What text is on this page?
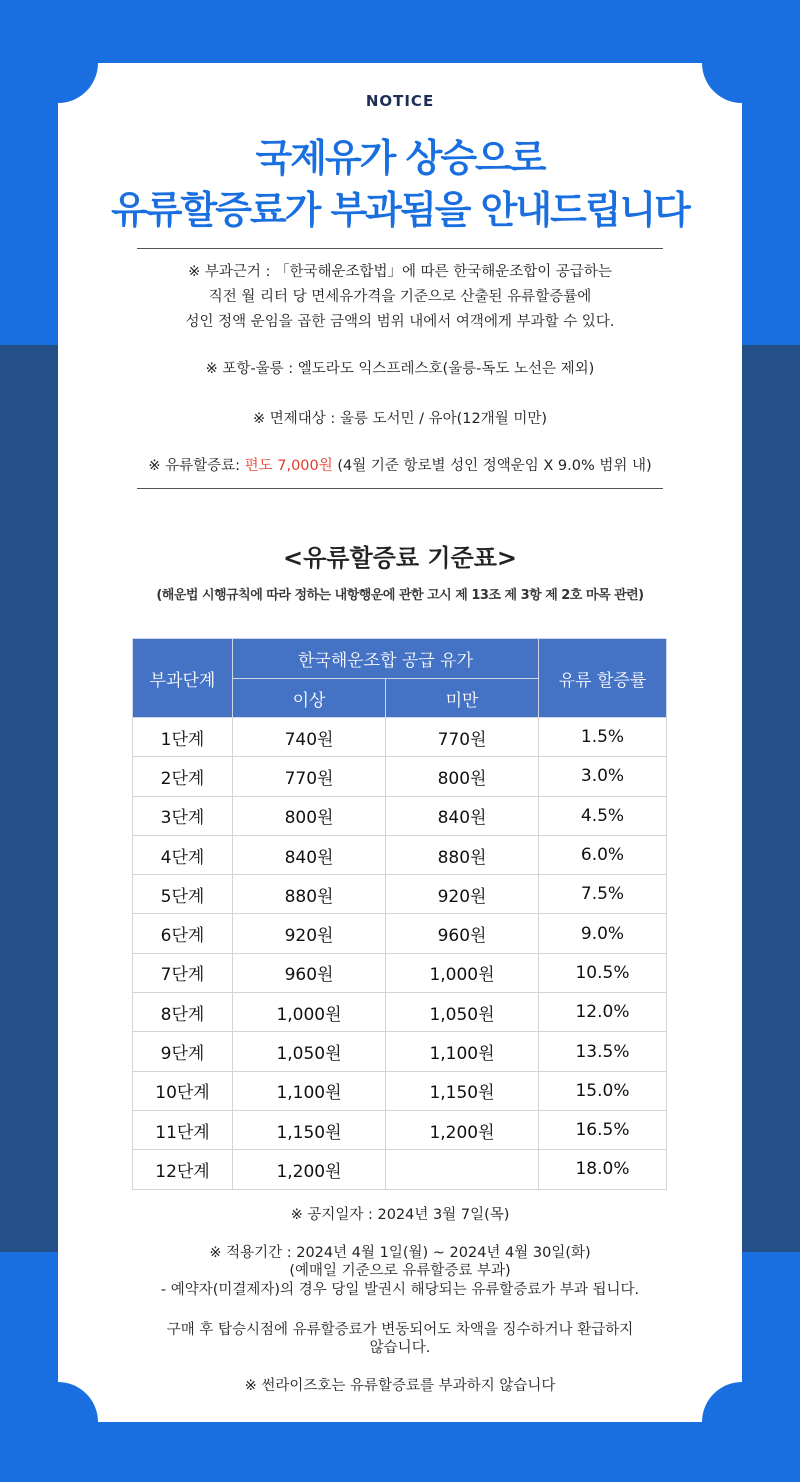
NOTICE
국제유가 상승으로
유류할증료가 부과됨을 안내드립니다
※ 부과근거 : 「한국해운조합법」에 따른 한국해운조합이 공급하는
직전 월 리터 당 면세유가격을 기준으로 산출된 유류할증률에
성인 정액 운임을 곱한 금액의 범위 내에서 여객에게 부과할 수 있다.
※ 포항-울릉 : 엘도라도 익스프레스호(울릉-독도 노선은 제외)
※ 면제대상 : 울릉 도서민 / 유아(12개월 미만)
※ 유류할증료: 편도 7,000원 (4월 기준 항로별 성인 정액운임 X 9.0% 범위 내)
<유류할증료 기준표>
(해운법 시행규칙에 따라 정하는 내항행운에 관한 고시 제 13조 제 3항 제 2호 마목 관련)
부과단계	한국해운조합 공급 유가		유류 할증률
	이상	미만	
1단계	740원	770원	1.5%
2단계	770원	800원	3.0%
3단계	800원	840원	4.5%
4단계	840원	880원	6.0%
5단계	880원	920원	7.5%
6단계	920원	960원	9.0%
7단계	960원	1,000원	10.5%
8단계	1,000원	1,050원	12.0%
9단계	1,050원	1,100원	13.5%
10단계	1,100원	1,150원	15.0%
11단계	1,150원	1,200원	16.5%
12단계	1,200원		18.0%
※ 공지일자 : 2024년 3월 7일(목)
※ 적용기간 : 2024년 4월 1일(월) ~ 2024년 4월 30일(화)
(예매일 기준으로 유류할증료 부과)
- 예약자(미결제자)의 경우 당일 발권시 해당되는 유류할증료가 부과 됩니다.
구매 후 탑승시점에 유류할증료가 변동되어도 차액을 징수하거나 환급하지
않습니다.
※ 썬라이즈호는 유류할증료를 부과하지 않습니다
